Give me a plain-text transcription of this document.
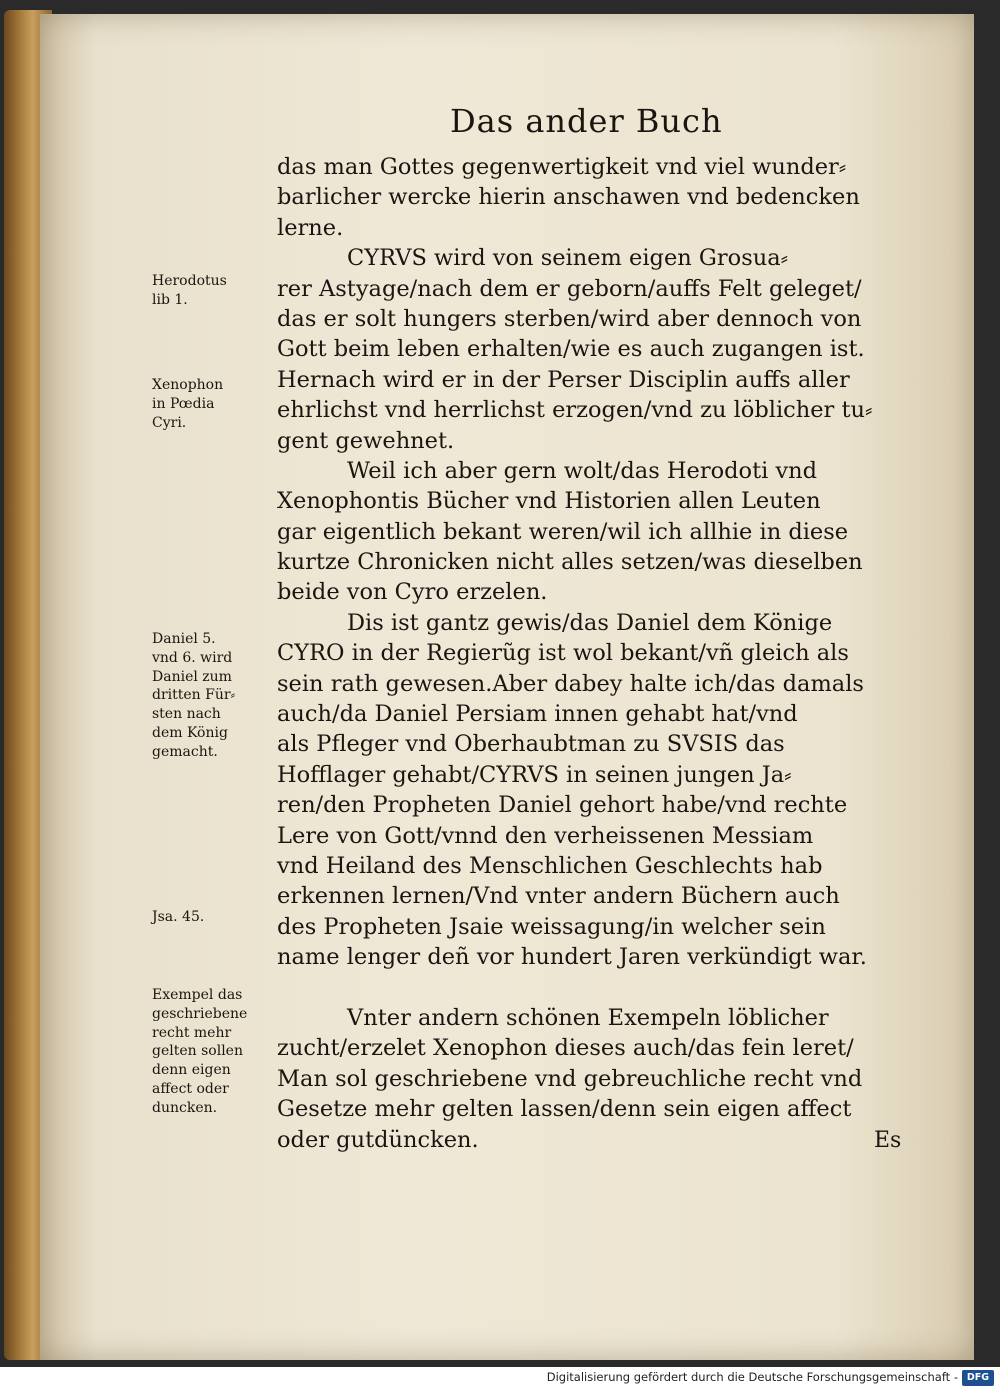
Das ander Buch
das man Gottes gegenwertigkeit vnd viel wunder⸗
barlicher wercke hierin anschawen vnd bedencken
lerne.
CYRVS wird von seinem eigen Grosua⸗
rer Astyage/nach dem er geborn/auffs Felt geleget/
das er solt hungers sterben/wird aber dennoch von
Gott beim leben erhalten/wie es auch zugangen ist.
Hernach wird er in der Perser Disciplin auffs aller
ehrlichst vnd herrlichst erzogen/vnd zu löblicher tu⸗
gent gewehnet.
Weil ich aber gern wolt/das Herodoti vnd
Xenophontis Bücher vnd Historien allen Leuten
gar eigentlich bekant weren/wil ich allhie in diese
kurtze Chronicken nicht alles setzen/was dieselben
beide von Cyro erzelen.
Dis ist gantz gewis/das Daniel dem Könige
CYRO in der Regierũg ist wol bekant/vñ gleich als
sein rath gewesen.Aber dabey halte ich/das damals
auch/da Daniel Persiam innen gehabt hat/vnd
als Pfleger vnd Oberhaubtman zu SVSIS das
Hofflager gehabt/CYRVS in seinen jungen Ja⸗
ren/den Propheten Daniel gehort habe/vnd rechte
Lere von Gott/vnnd den verheissenen Messiam
vnd Heiland des Menschlichen Geschlechts hab
erkennen lernen/Vnd vnter andern Büchern auch
des Propheten Jsaie weissagung/in welcher sein
name lenger deñ vor hundert Jaren verkündigt war.
Vnter andern schönen Exempeln löblicher
zucht/erzelet Xenophon dieses auch/das fein leret/
Man sol geschriebene vnd gebreuchliche recht vnd
Gesetze mehr gelten lassen/denn sein eigen affect
oder gutdüncken.
Herodotus
lib 1.
Xenophon
in Pœdia
Cyri.
Daniel 5.
vnd 6. wird
Daniel zum
dritten Für⸗
sten nach
dem König
gemacht.
Jsa. 45.
Exempel das
geschriebene
recht mehr
gelten sollen
denn eigen
affect oder
duncken.
Es
Digitalisierung gefördert durch die Deutsche Forschungsgemeinschaft - DFG
